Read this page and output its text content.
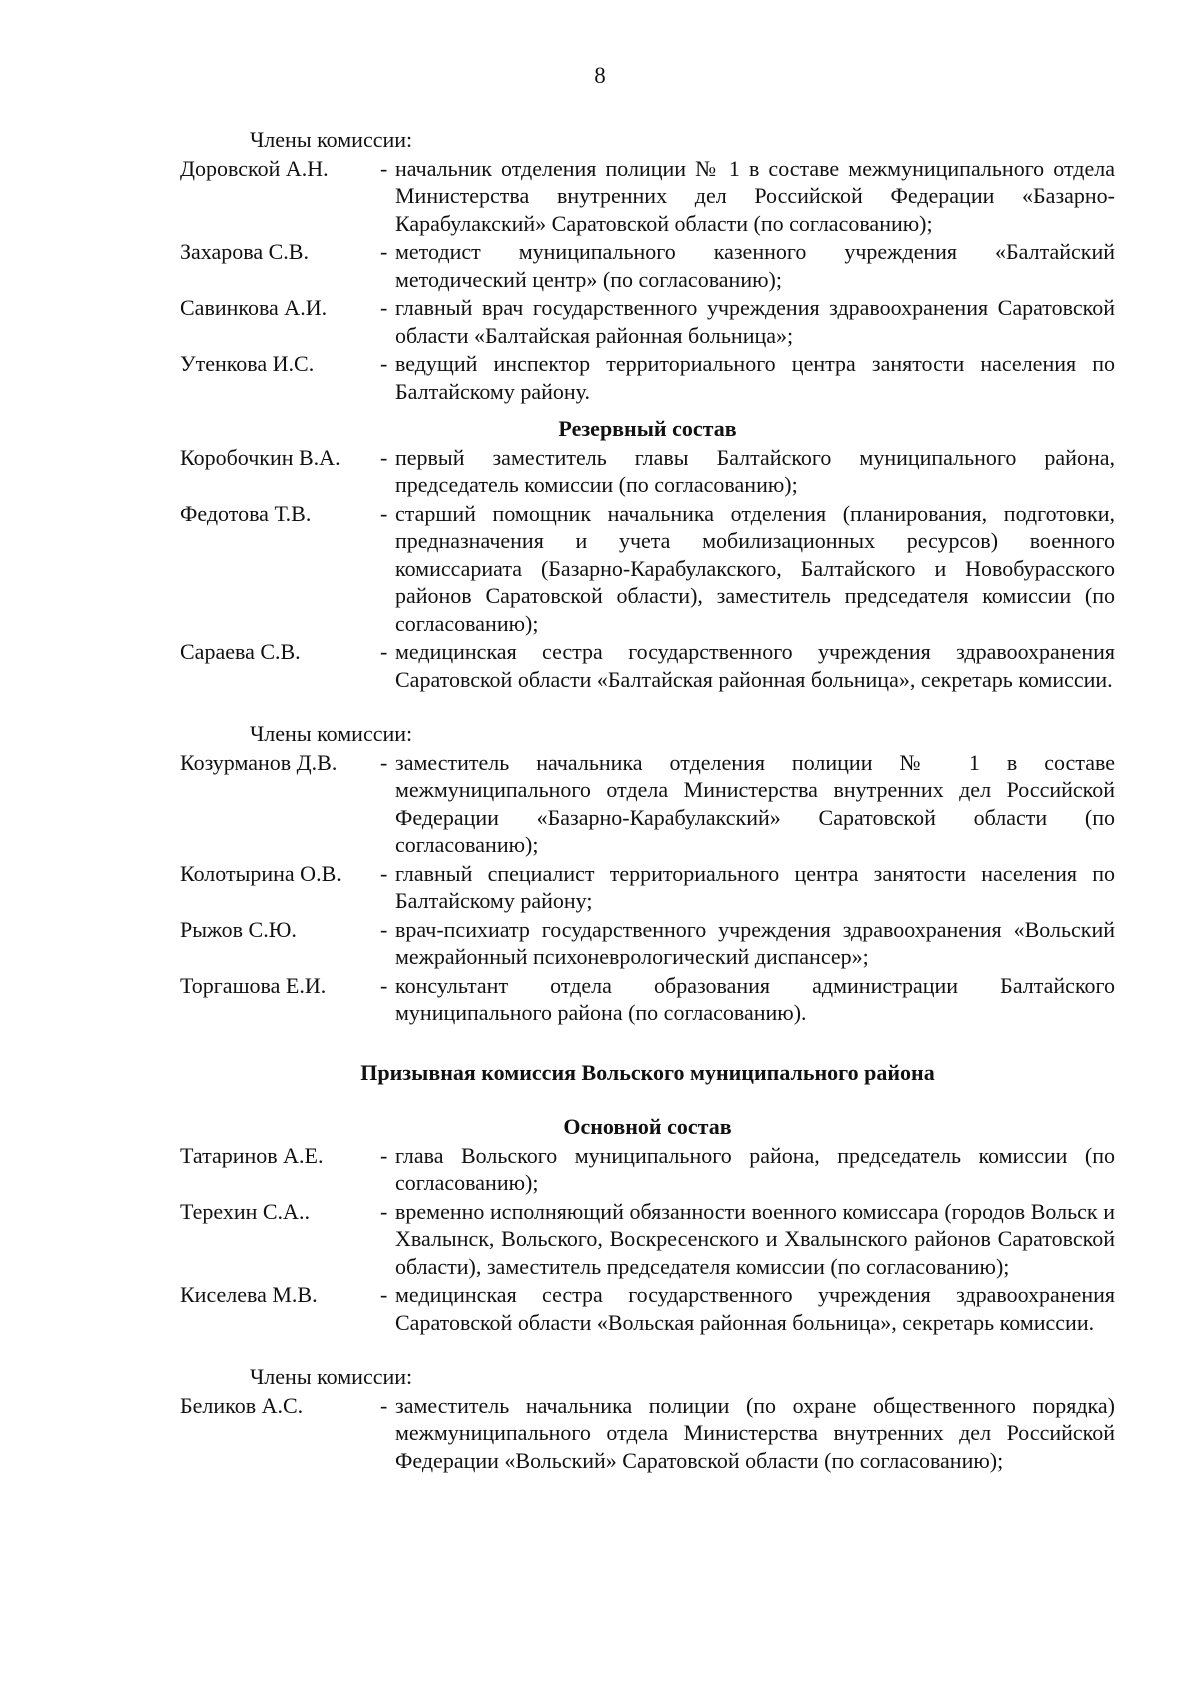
8

Члены комиссии:

Доровской А.Н.	- начальник отделения полиции № 1 в составе межмуниципального отдела Министерства внутренних дел Российской Федерации «Базарно-Карабулакский» Саратовской области (по согласованию);
Захарова С.В.	- методист муниципального казенного учреждения «Балтайский методический центр» (по согласованию);
Савинкова А.И.	- главный врач государственного учреждения здравоохранения Саратовской области «Балтайская районная больница»;
Утенкова И.С.	- ведущий инспектор территориального центра занятости населения по Балтайскому району.

Резервный состав

Коробочкин В.А.	- первый заместитель главы Балтайского муниципального района, председатель комиссии (по согласованию);
Федотова Т.В.	- старший помощник начальника отделения (планирования, подготовки, предназначения и учета мобилизационных ресурсов) военного комиссариата (Базарно-Карабулакского, Балтайского и Новобурасского районов Саратовской области), заместитель председателя комиссии (по согласованию);
Сараева С.В.	- медицинская сестра государственного учреждения здравоохранения Саратовской области «Балтайская районная больница», секретарь комиссии.

Члены комиссии:

Козурманов Д.В.	- заместитель начальника отделения полиции № 1 в составе межмуниципального отдела Министерства внутренних дел Российской Федерации «Базарно-Карабулакский» Саратовской области (по согласованию);
Колотырина О.В.	- главный специалист территориального центра занятости населения по Балтайскому району;
Рыжов С.Ю.	- врач-психиатр государственного учреждения здравоохранения «Вольский межрайонный психоневрологический диспансер»;
Торгашова Е.И.	- консультант отдела образования администрации Балтайского муниципального района (по согласованию).

Призывная комиссия Вольского муниципального района

Основной состав

Татаринов А.Е.	- глава Вольского муниципального района, председатель комиссии (по согласованию);
Терехин С.А..	- временно исполняющий обязанности военного комиссара (городов Вольск и Хвалынск, Вольского, Воскресенского и Хвалынского районов Саратовской области), заместитель председателя комиссии (по согласованию);
Киселева М.В.	- медицинская сестра государственного учреждения здравоохранения Саратовской области «Вольская районная больница», секретарь комиссии.

Члены комиссии:

Беликов А.С.	- заместитель начальника полиции (по охране общественного порядка) межмуниципального отдела Министерства внутренних дел Российской Федерации «Вольский» Саратовской области (по согласованию);
